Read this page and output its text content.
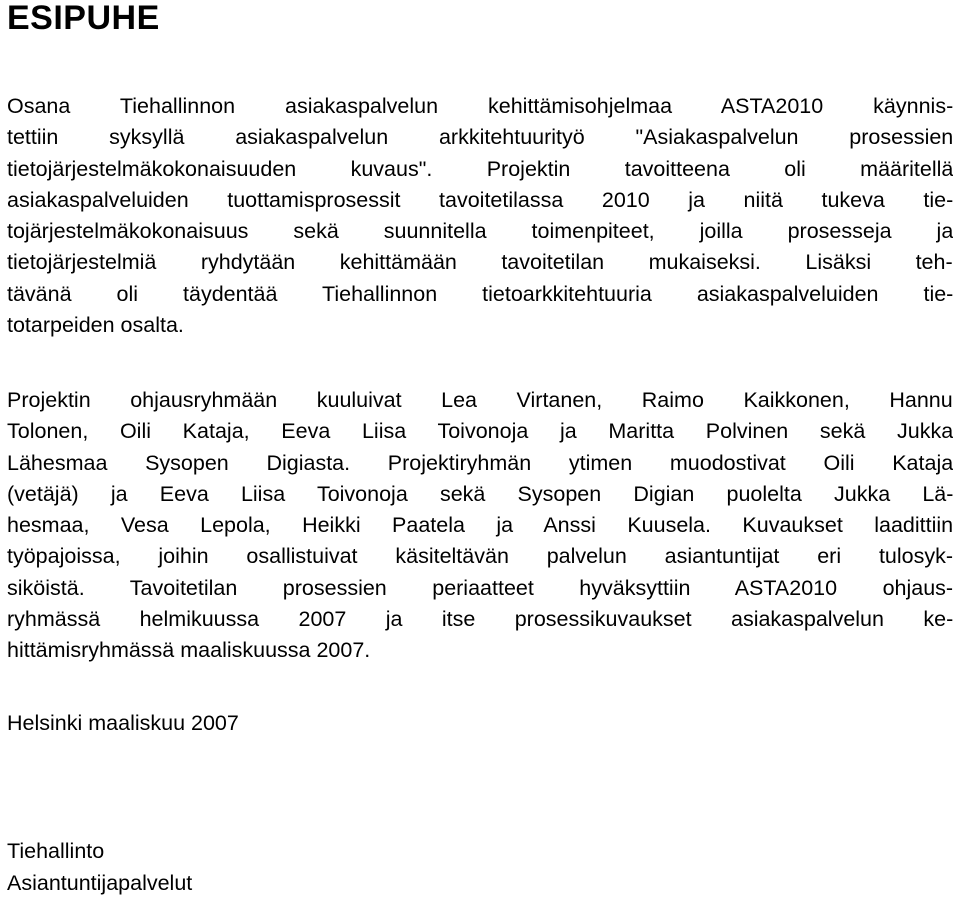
ESIPUHE

Osana Tiehallinnon asiakaspalvelun kehittämisohjelmaa ASTA2010 käynnis-
tettiin syksyllä asiakaspalvelun arkkitehtuurityö "Asiakaspalvelun prosessien
tietojärjestelmäkokonaisuuden kuvaus". Projektin tavoitteena oli määritellä
asiakaspalveluiden tuottamisprosessit tavoitetilassa 2010 ja niitä tukeva tie-
tojärjestelmäkokonaisuus sekä suunnitella toimenpiteet, joilla prosesseja ja
tietojärjestelmiä ryhdytään kehittämään tavoitetilan mukaiseksi. Lisäksi teh-
tävänä oli täydentää Tiehallinnon tietoarkkitehtuuria asiakaspalveluiden tie-
totarpeiden osalta.

Projektin ohjausryhmään kuuluivat Lea Virtanen, Raimo Kaikkonen, Hannu
Tolonen, Oili Kataja, Eeva Liisa Toivonoja ja Maritta Polvinen sekä Jukka
Lähesmaa Sysopen Digiasta. Projektiryhmän ytimen muodostivat Oili Kataja
(vetäjä) ja Eeva Liisa Toivonoja sekä Sysopen Digian puolelta Jukka Lä-
hesmaa, Vesa Lepola, Heikki Paatela ja Anssi Kuusela. Kuvaukset laadittiin
työpajoissa, joihin osallistuivat käsiteltävän palvelun asiantuntijat eri tulosyk-
siköistä. Tavoitetilan prosessien periaatteet hyväksyttiin ASTA2010 ohjaus-
ryhmässä helmikuussa 2007 ja itse prosessikuvaukset asiakaspalvelun ke-
hittämisryhmässä maaliskuussa 2007.

Helsinki maaliskuu 2007

Tiehallinto
Asiantuntijapalvelut
